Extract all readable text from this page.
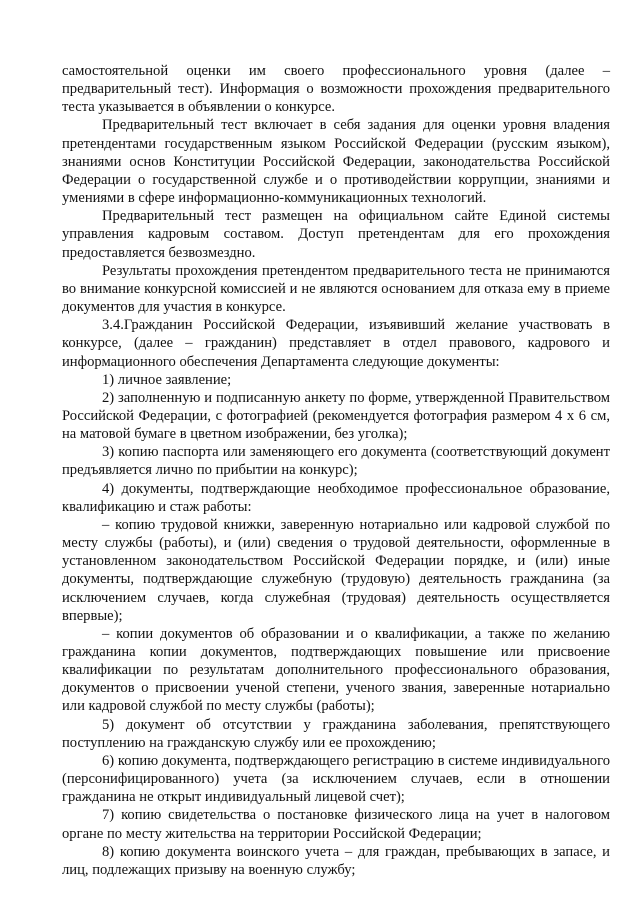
самостоятельной оценки им своего профессионального уровня (далее – предварительный тест). Информация о возможности прохождения предварительного теста указывается в объявлении о конкурсе.

Предварительный тест включает в себя задания для оценки уровня владения претендентами государственным языком Российской Федерации (русским языком), знаниями основ Конституции Российской Федерации, законодательства Российской Федерации о государственной службе и о противодействии коррупции, знаниями и умениями в сфере информационно-коммуникационных технологий.

Предварительный тест размещен на официальном сайте Единой системы управления кадровым составом. Доступ претендентам для его прохождения предоставляется безвозмездно.

Результаты прохождения претендентом предварительного теста не принимаются во внимание конкурсной комиссией и не являются основанием для отказа ему в приеме документов для участия в конкурсе.

3.4.Гражданин Российской Федерации, изъявивший желание участвовать в конкурсе, (далее – гражданин) представляет в отдел правового, кадрового и информационного обеспечения Департамента следующие документы:

1) личное заявление;

2) заполненную и подписанную анкету по форме, утвержденной Правительством Российской Федерации, с фотографией (рекомендуется фотография размером 4 х 6 см, на матовой бумаге в цветном изображении, без уголка);

3) копию паспорта или заменяющего его документа (соответствующий документ предъявляется лично по прибытии на конкурс);

4) документы, подтверждающие необходимое профессиональное образование, квалификацию и стаж работы:

– копию трудовой книжки, заверенную нотариально или кадровой службой по месту службы (работы), и (или) сведения о трудовой деятельности, оформленные в установленном законодательством Российской Федерации порядке, и (или) иные документы, подтверждающие служебную (трудовую) деятельность гражданина (за исключением случаев, когда служебная (трудовая) деятельность осуществляется впервые);

– копии документов об образовании и о квалификации, а также по желанию гражданина копии документов, подтверждающих повышение или присвоение квалификации по результатам дополнительного профессионального образования, документов о присвоении ученой степени, ученого звания, заверенные нотариально или кадровой службой по месту службы (работы);

5) документ об отсутствии у гражданина заболевания, препятствующего поступлению на гражданскую службу или ее прохождению;

6) копию документа, подтверждающего регистрацию в системе индивидуального (персонифицированного) учета (за исключением случаев, если в отношении гражданина не открыт индивидуальный лицевой счет);

7) копию свидетельства о постановке физического лица на учет в налоговом органе по месту жительства на территории Российской Федерации;

8) копию документа воинского учета – для граждан, пребывающих в запасе, и лиц, подлежащих призыву на военную службу;
